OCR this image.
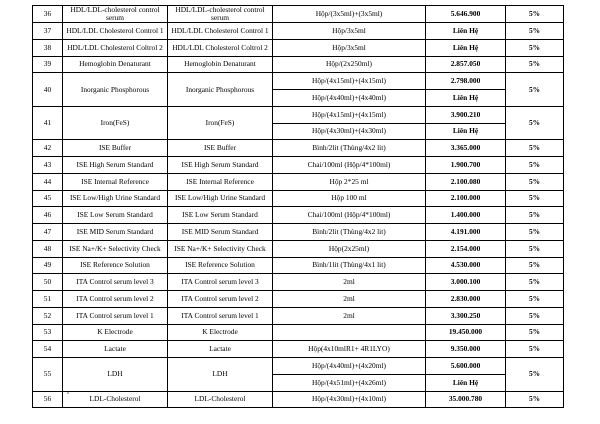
36	HDL/LDL-cholesterol control serum	HDL/LDL-cholesterol control serum	Hộp/(3x5ml)+(3x5ml)	5.646.900	5%
37	HDL/LDL Cholesterol Control 1	HDL/LDL Cholesterol Control 1	Hộp/3x5ml	Liên Hệ	5%
38	HDL/LDL Cholesterol Coltrol 2	HDL/LDL Cholesterol Coltrol 2	Hộp/3x5ml	Liên Hệ	5%
39	Hemoglobin Denaturant	Hemoglobin Denaturant	Hộp/(2x250ml)	2.857.050	5%
40	Inorganic Phosphorous	Inorganic Phosphorous	Hộp/(4x15ml)+(4x15ml)	2.798.000	5%
			Hộp/(4x40ml)+(4x40ml)	Liên Hệ	
41	Iron(FeS)	Iron(FeS)	Hộp/(4x15ml)+(4x15ml)	3.900.210	5%
			Hộp/(4x30ml)+(4x30ml)	Liên Hệ	
42	ISE Buffer	ISE Buffer	Bình/2lit (Thùng/4x2 lit)	3.365.000	5%
43	ISE High Serum Standard	ISE High Serum Standard	Chai/100ml (Hộp/4*100ml)	1.900.700	5%
44	ISE Internal Reference	ISE Internal Reference	Hộp 2*25 ml	2.100.080	5%
45	ISE Low/High Urine Standard	ISE Low/High Urine Standard	Hộp 100 ml	2.100.000	5%
46	ISE Low Serum Standard	ISE Low Serum Standard	Chai/100ml (Hộp/4*100ml)	1.400.000	5%
47	ISE MID Serum Standard	ISE MID Serum Standard	Bình/2lit (Thùng/4x2 lit)	4.191.000	5%
48	ISE Na+/K+ Selectivity Check	ISE Na+/K+ Selectivity Check	Hộp(2x25ml)	2.154.000	5%
49	ISE Reference Solution	ISE Reference Solution	Bình/1lit (Thùng/4x1 lit)	4.530.000	5%
50	ITA Control serum level 3	ITA Control serum level 3	2ml	3.000.100	5%
51	ITA Control serum level 2	ITA Control serum level 2	2ml	2.830.000	5%
52	ITA Control serum level 1	ITA Control serum level 1	2ml	3.300.250	5%
53	K Electrode	K Electrode		19.450.000	5%
54	Lactate	Lactate	Hộp(4x10mlR1+ 4R1LYO)	9.350.000	5%
55	LDH	LDH	Hộp/(4x40ml)+(4x20ml)	5.600.000	5%
			Hộp/(4x51ml)+(4x26ml)	Liên Hệ	
56	LDL-Cholesterol	LDL-Cholesterol	Hộp/(4x30ml)+(4x10ml)	35.000.780	5%
